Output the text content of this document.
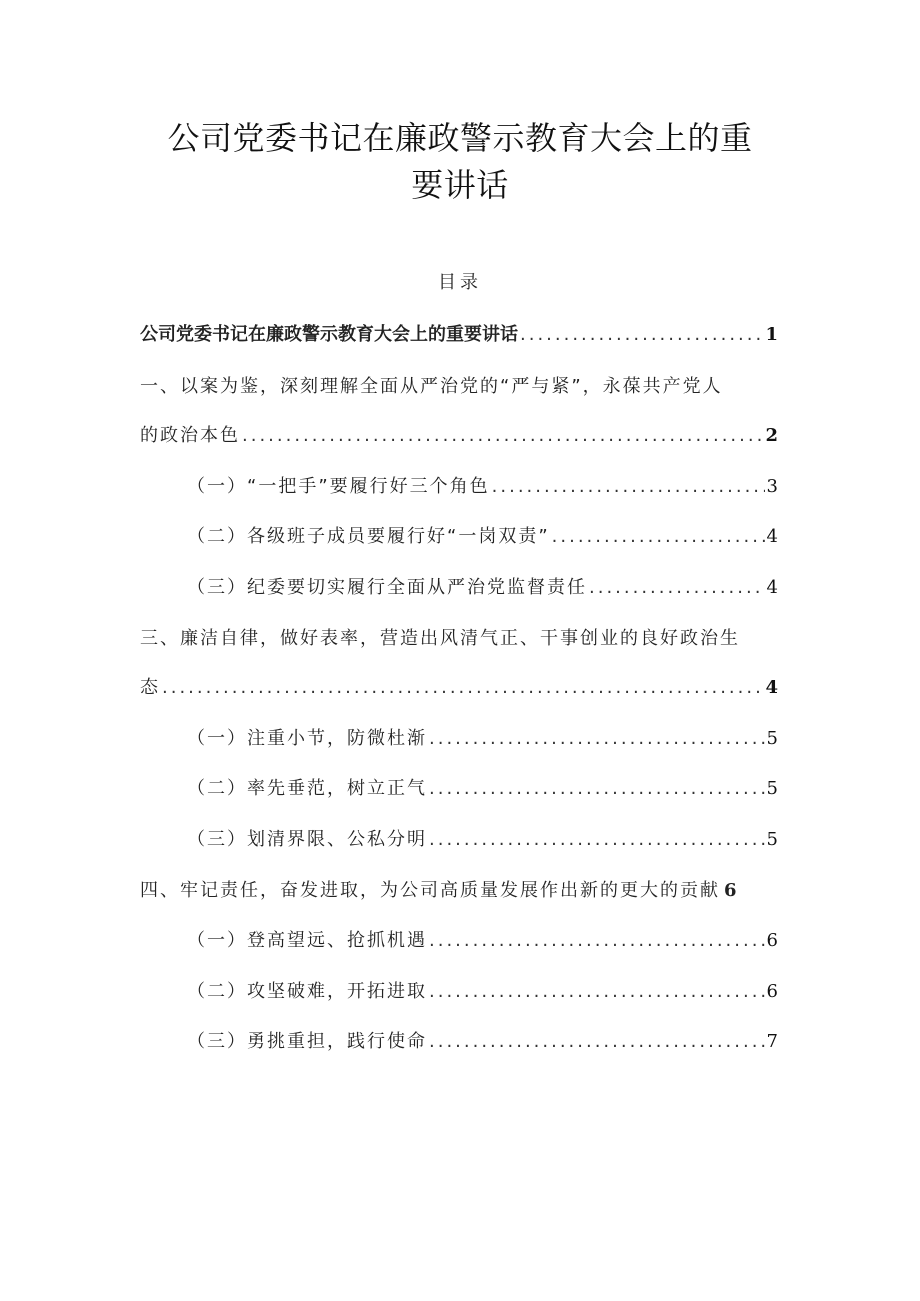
公司党委书记在廉政警示教育大会上的重
要讲话
目录
公司党委书记在廉政警示教育大会上的重要讲话 .....	1
一、以案为鉴，深刻理解全面从严治党的“严与紧”，永葆共产党人
的政治本色 .....	2
（一）“一把手”要履行好三个角色 .....	3
（二）各级班子成员要履行好“一岗双责” .....	4
（三）纪委要切实履行全面从严治党监督责任 .....	4
三、廉洁自律，做好表率，营造出风清气正、干事创业的良好政治生
态 .....	4
（一）注重小节，防微杜渐 .....	5
（二）率先垂范，树立正气 .....	5
（三）划清界限、公私分明 .....	5
四、牢记责任，奋发进取，为公司高质量发展作出新的更大的贡献 6
（一）登高望远、抢抓机遇 .....	6
（二）攻坚破难，开拓进取 .....	6
（三）勇挑重担，践行使命 .....	7
